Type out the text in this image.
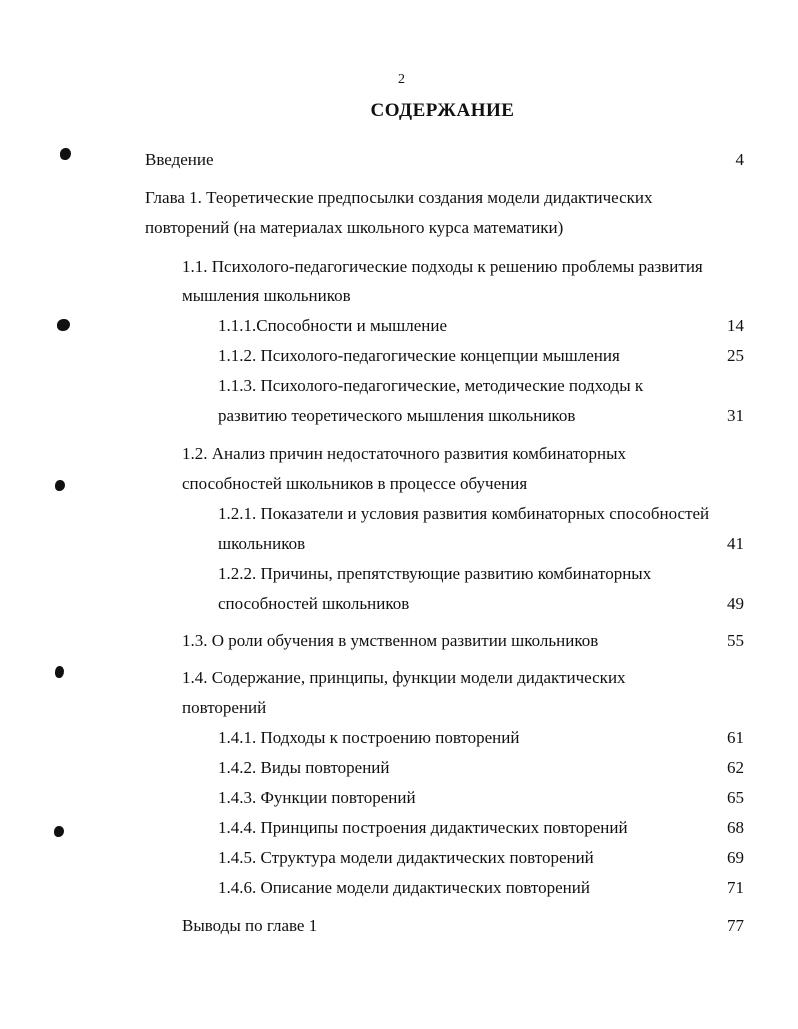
2
СОДЕРЖАНИЕ
Введение	4
Глава 1. Теоретические предпосылки создания модели дидактических
повторений (на материалах школьного курса математики)
1.1. Психолого-педагогические подходы к решению проблемы развития
мышления школьников
1.1.1.Способности и мышление	14
1.1.2. Психолого-педагогические концепции мышления	25
1.1.3. Психолого-педагогические, методические подходы к
развитию теоретического мышления школьников	31
1.2. Анализ причин недостаточного развития комбинаторных
способностей школьников в процессе обучения
1.2.1. Показатели и условия развития комбинаторных способностей
школьников	41
1.2.2. Причины, препятствующие развитию комбинаторных
способностей школьников	49
1.3. О роли обучения в умственном развитии школьников	55
1.4. Содержание, принципы, функции модели дидактических
повторений
1.4.1. Подходы к построению повторений	61
1.4.2. Виды повторений	62
1.4.3. Функции повторений	65
1.4.4. Принципы построения дидактических повторений	68
1.4.5. Структура модели дидактических повторений	69
1.4.6. Описание модели дидактических повторений	71
Выводы по главе 1	77
